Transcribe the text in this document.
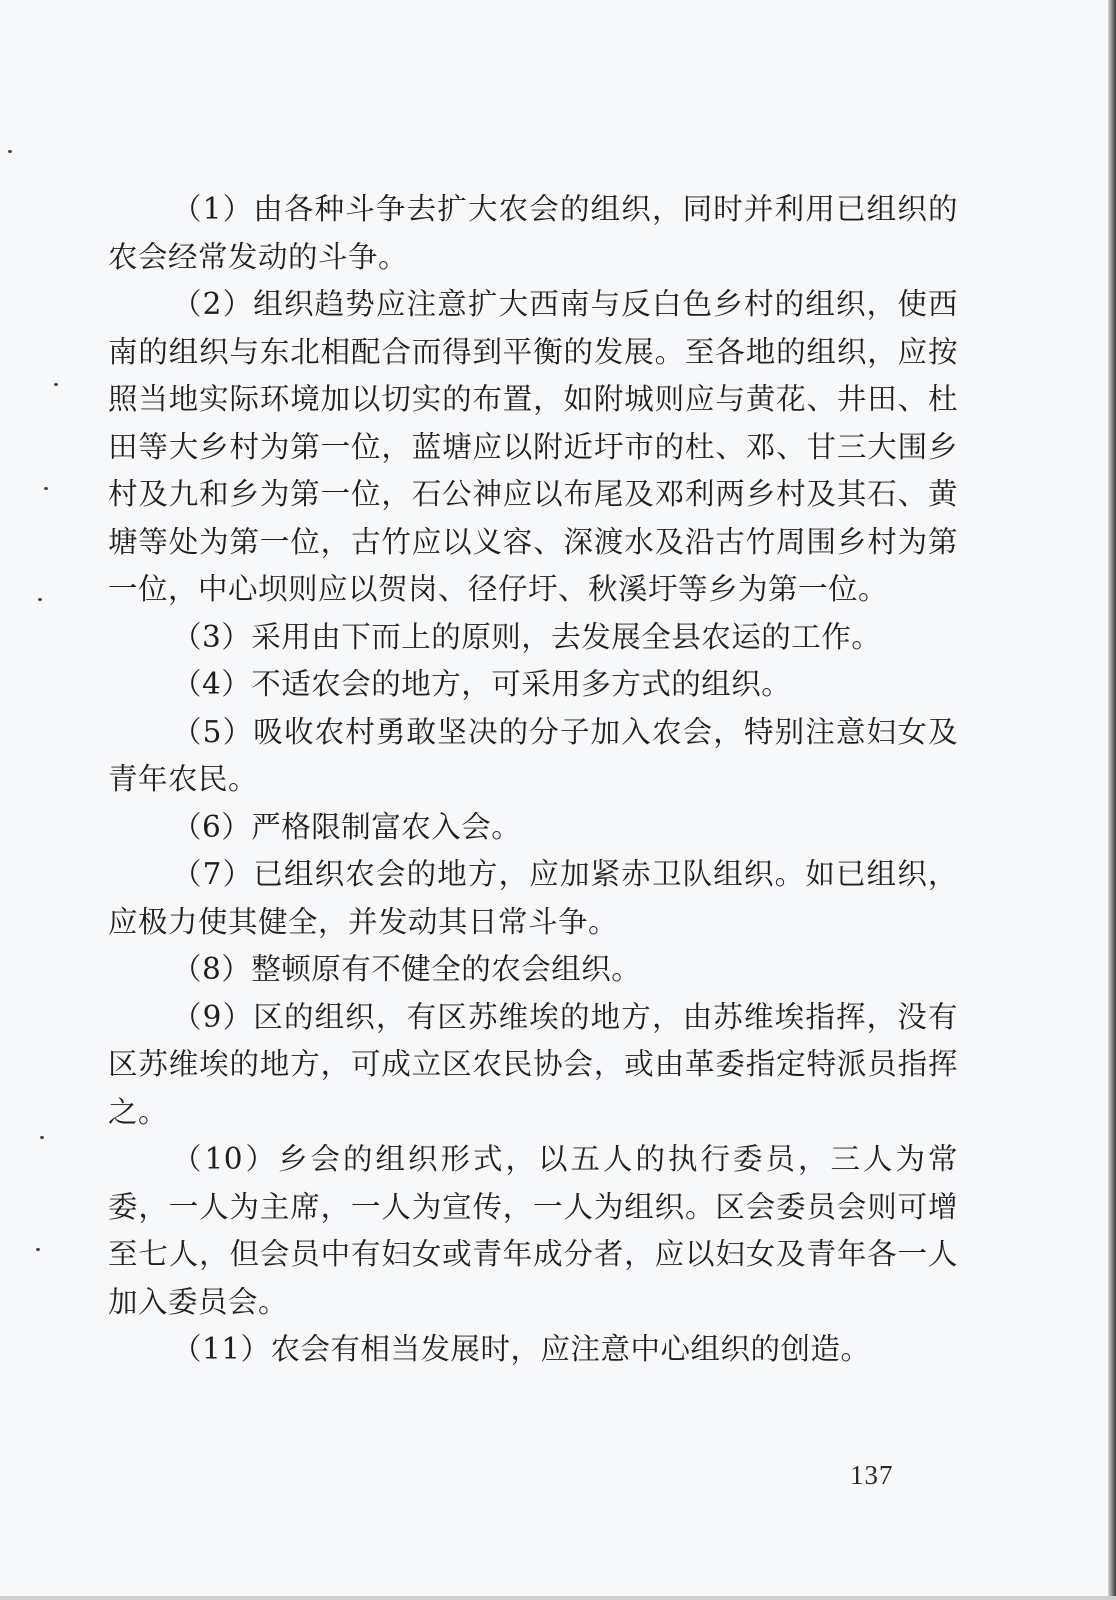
（1）由各种斗争去扩大农会的组织，同时并利用已组织的农会经常发动的斗争。

（2）组织趋势应注意扩大西南与反白色乡村的组织，使西南的组织与东北相配合而得到平衡的发展。至各地的组织，应按照当地实际环境加以切实的布置，如附城则应与黄花、井田、杜田等大乡村为第一位，蓝塘应以附近圩市的杜、邓、甘三大围乡村及九和乡为第一位，石公神应以布尾及邓利两乡村及其石、黄塘等处为第一位，古竹应以义容、深渡水及沿古竹周围乡村为第一位，中心坝则应以贺岗、径仔圩、秋溪圩等乡为第一位。

（3）采用由下而上的原则，去发展全县农运的工作。

（4）不适农会的地方，可采用多方式的组织。

（5）吸收农村勇敢坚决的分子加入农会，特别注意妇女及青年农民。

（6）严格限制富农入会。

（7）已组织农会的地方，应加紧赤卫队组织。如已组织，应极力使其健全，并发动其日常斗争。

（8）整顿原有不健全的农会组织。

（9）区的组织，有区苏维埃的地方，由苏维埃指挥，没有区苏维埃的地方，可成立区农民协会，或由革委指定特派员指挥之。

（10）乡会的组织形式，以五人的执行委员，三人为常委，一人为主席，一人为宣传，一人为组织。区会委员会则可增至七人，但会员中有妇女或青年成分者，应以妇女及青年各一人加入委员会。

（11）农会有相当发展时，应注意中心组织的创造。

137
